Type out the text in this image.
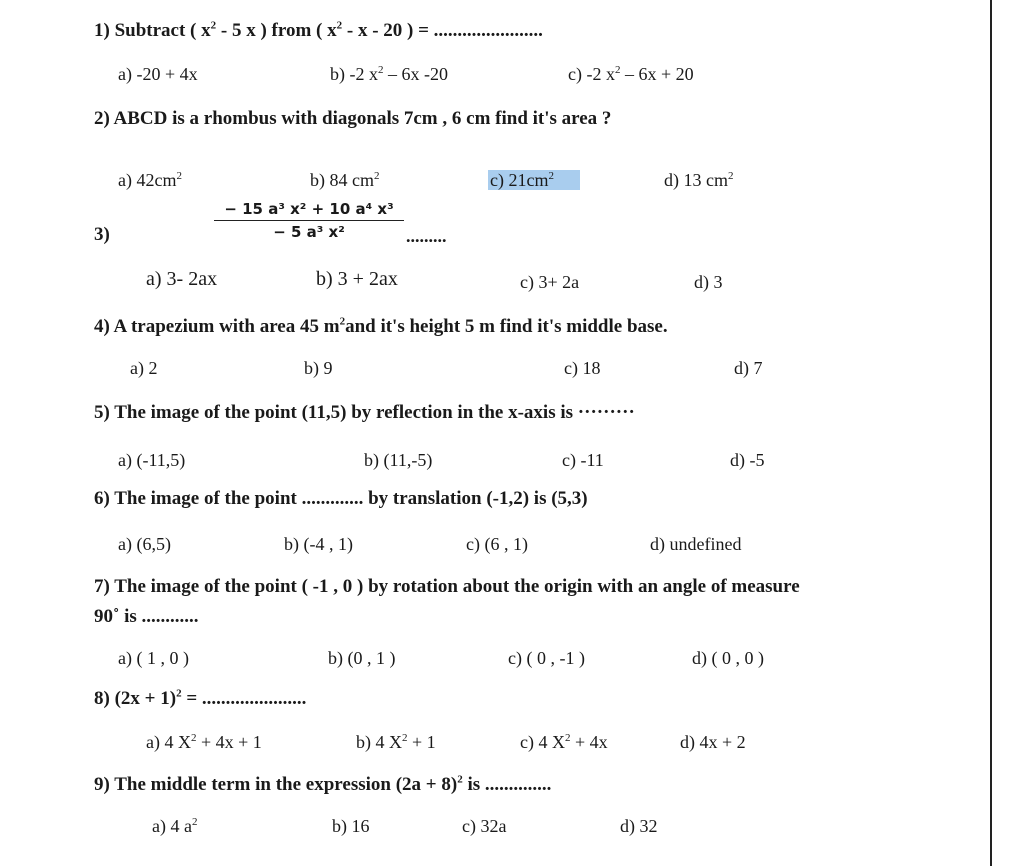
1) Subtract ( $x^2 - 5$ x ) from ( $x^2$ - x - 20 ) = .......................
a) -20 + 4x	b) -2 $x^2 - 6x$ -20	c) -2 $x^2 - 6x + 20$
2) ABCD is a rhombus with diagonals 7cm , 6 cm find it's area ?
a) $42cm^2$	b) 84 $cm^2$	c) $21cm^2$	d) 13 $cm^2$
3)	$\frac{\text{− 15 a³ x² + 10 a⁴ x³}}{\text{− 5 a³ x²}}$ .........
a) 3- 2ax	b) 3 + 2ax	c) 3+ 2a	d) 3
4) A trapezium with area 45 $m^2and$ it's height 5 m find it's middle base.
a) 2	b) 9	c) 18	d) 7
5) The image of the point (11,5) by reflection in the x-axis is ·········
a) (-11,5)	b) (11,-5)	c) -11	d) -5
6) The image of the point ............. by translation (-1,2) is (5,3)
a) (6,5)	b) (-4 , 1)	c) (6 , 1)	d) undefined
7) The image of the point ( -1 , 0 ) by rotation about the origin with an angle of measure
90˚ is ............
a) ( 1 , 0 )	b) (0 , 1 )	c) ( 0 , -1 )	d) ( 0 , 0 )
8) $(2x + 1)^2$ = ......................
a) 4 $X^2 + 4x + 1$	b) 4 $X^2 + 1$	c) 4 $X^2 + 4x$	d) 4x + 2
9) The middle term in the expression $(2a + 8)^2$ is ..............
a) 4 $a^2$	b) 16	c) 32a	d) 32
